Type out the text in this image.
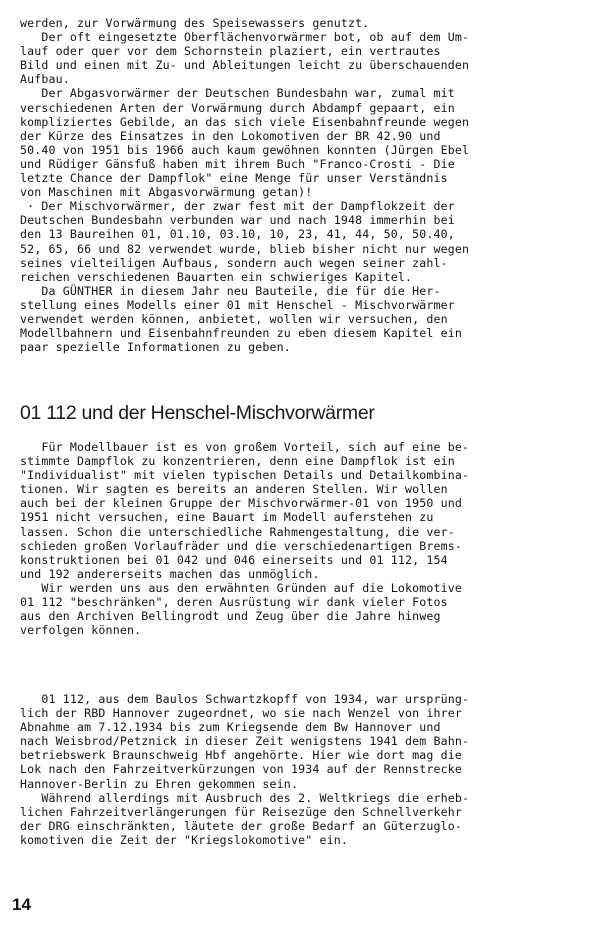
werden, zur Vorwärmung des Speisewassers genutzt.
Der oft eingesetzte Oberflächenvorwärmer bot, ob auf dem Um-
lauf oder quer vor dem Schornstein plaziert, ein vertrautes
Bild und einen mit Zu- und Ableitungen leicht zu überschauenden
Aufbau.
Der Abgasvorwärmer der Deutschen Bundesbahn war, zumal mit
verschiedenen Arten der Vorwärmung durch Abdampf gepaart, ein
kompliziertes Gebilde, an das sich viele Eisenbahnfreunde wegen
der Kürze des Einsatzes in den Lokomotiven der BR 42.90 und
50.40 von 1951 bis 1966 auch kaum gewöhnen konnten (Jürgen Ebel
und Rüdiger Gänsfuß haben mit ihrem Buch "Franco-Crosti - Die
letzte Chance der Dampflok" eine Menge für unser Verständnis
von Maschinen mit Abgasvorwärmung getan)!
· Der Mischvorwärmer, der zwar fest mit der Dampflokzeit der
Deutschen Bundesbahn verbunden war und nach 1948 immerhin bei
den 13 Baureihen 01, 01.10, 03.10, 10, 23, 41, 44, 50, 50.40,
52, 65, 66 und 82 verwendet wurde, blieb bisher nicht nur wegen
seines vielteiligen Aufbaus, sondern auch wegen seiner zahl-
reichen verschiedenen Bauarten ein schwieriges Kapitel.
Da GÜNTHER in diesem Jahr neu Bauteile, die für die Her-
stellung eines Modells einer 01 mit Henschel - Mischvorwärmer
verwendet werden können, anbietet, wollen wir versuchen, den
Modellbahnern und Eisenbahnfreunden zu eben diesem Kapitel ein
paar spezielle Informationen zu geben.
01 112 und der Henschel-Mischvorwärmer
Für Modellbauer ist es von großem Vorteil, sich auf eine be-
stimmte Dampflok zu konzentrieren, denn eine Dampflok ist ein
"Individualist" mit vielen typischen Details und Detailkombina-
tionen. Wir sagten es bereits an anderen Stellen. Wir wollen
auch bei der kleinen Gruppe der Mischvorwärmer-01 von 1950 und
1951 nicht versuchen, eine Bauart im Modell auferstehen zu
lassen. Schon die unterschiedliche Rahmengestaltung, die ver-
schieden großen Vorlaufräder und die verschiedenartigen Brems-
konstruktionen bei 01 042 und 046 einerseits und 01 112, 154
und 192 andererseits machen das unmöglich.
Wir werden uns aus den erwähnten Gründen auf die Lokomotive
01 112 "beschränken", deren Ausrüstung wir dank vieler Fotos
aus den Archiven Bellingrodt und Zeug über die Jahre hinweg
verfolgen können.
01 112, aus dem Baulos Schwartzkopff von 1934, war ursprüng-
lich der RBD Hannover zugeordnet, wo sie nach Wenzel von ihrer
Abnahme am 7.12.1934 bis zum Kriegsende dem Bw Hannover und
nach Weisbrod/Petznick in dieser Zeit wenigstens 1941 dem Bahn-
betriebswerk Braunschweig Hbf angehörte. Hier wie dort mag die
Lok nach den Fahrzeitverkürzungen von 1934 auf der Rennstrecke
Hannover-Berlin zu Ehren gekommen sein.
Während allerdings mit Ausbruch des 2. Weltkriegs die erheb-
lichen Fahrzeitverlängerungen für Reisezüge den Schnellverkehr
der DRG einschränkten, läutete der große Bedarf an Güterzuglo-
komotiven die Zeit der "Kriegslokomotive" ein.
14
